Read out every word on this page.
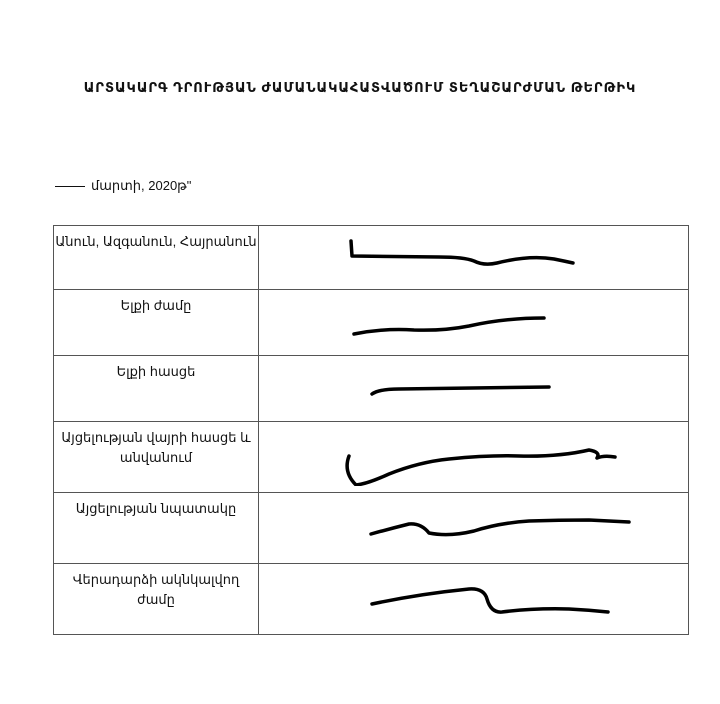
ԱՐՏԱԿԱՐԳ ԴՐՈՒԹՅԱՆ ԺԱՄԱՆԱԿԱՀԱՏՎԱԾՈՒՄ ՏԵՂԱՇԱՐԺՄԱՆ ԹԵՐԹԻԿ
մարտի, 2020թ"
Անուն, Ազգանուն, Հայրանուն	

Ելքի ժամը	

Ելքի հասցե	

Այցելության վայրի հասցե և անվանում	

Այցելության նպատակը	

Վերադարձի ակնկալվող ժամը	
